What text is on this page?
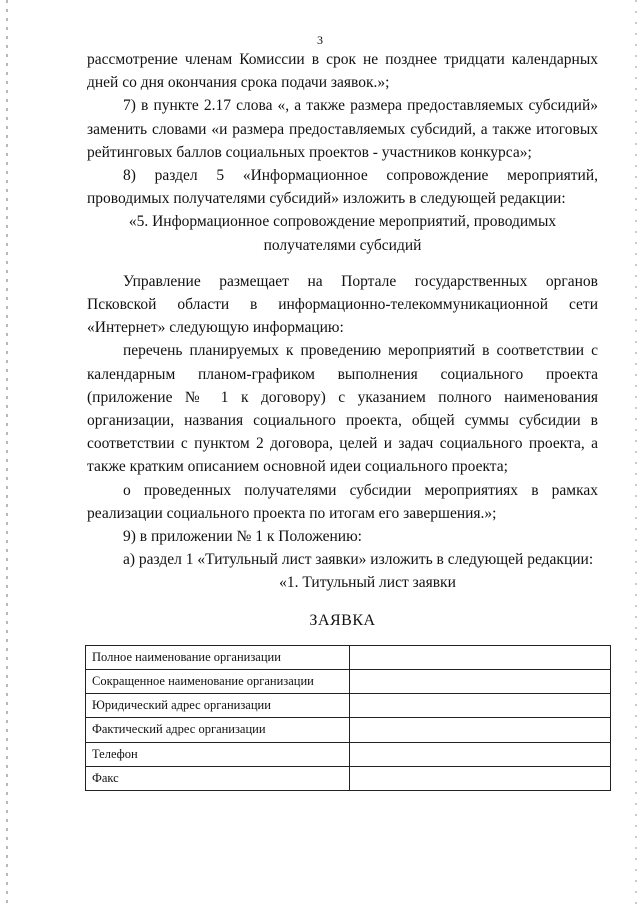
3

рассмотрение членам Комиссии в срок не позднее тридцати календарных дней со дня окончания срока подачи заявок.»;

7) в пункте 2.17 слова «, а также размера предоставляемых субсидий» заменить словами «и размера предоставляемых субсидий, а также итоговых рейтинговых баллов социальных проектов - участников конкурса»;

8) раздел 5 «Информационное сопровождение мероприятий, проводимых получателями субсидий» изложить в следующей редакции:

«5. Информационное сопровождение мероприятий, проводимых получателями субсидий

Управление размещает на Портале государственных органов Псковской области в информационно-телекоммуникационной сети «Интернет» следующую информацию:

перечень планируемых к проведению мероприятий в соответствии с календарным планом-графиком выполнения социального проекта (приложение № 1 к договору) с указанием полного наименования организации, названия социального проекта, общей суммы субсидии в соответствии с пунктом 2 договора, целей и задач социального проекта, а также кратким описанием основной идеи социального проекта;

о проведенных получателями субсидии мероприятиях в рамках реализации социального проекта по итогам его завершения.»;

9) в приложении № 1 к Положению:

а) раздел 1 «Титульный лист заявки» изложить в следующей редакции:

«1. Титульный лист заявки

ЗАЯВКА

Полное наименование организации	
Сокращенное наименование организации	
Юридический адрес организации	
Фактический адрес организации	
Телефон	
Факс	
